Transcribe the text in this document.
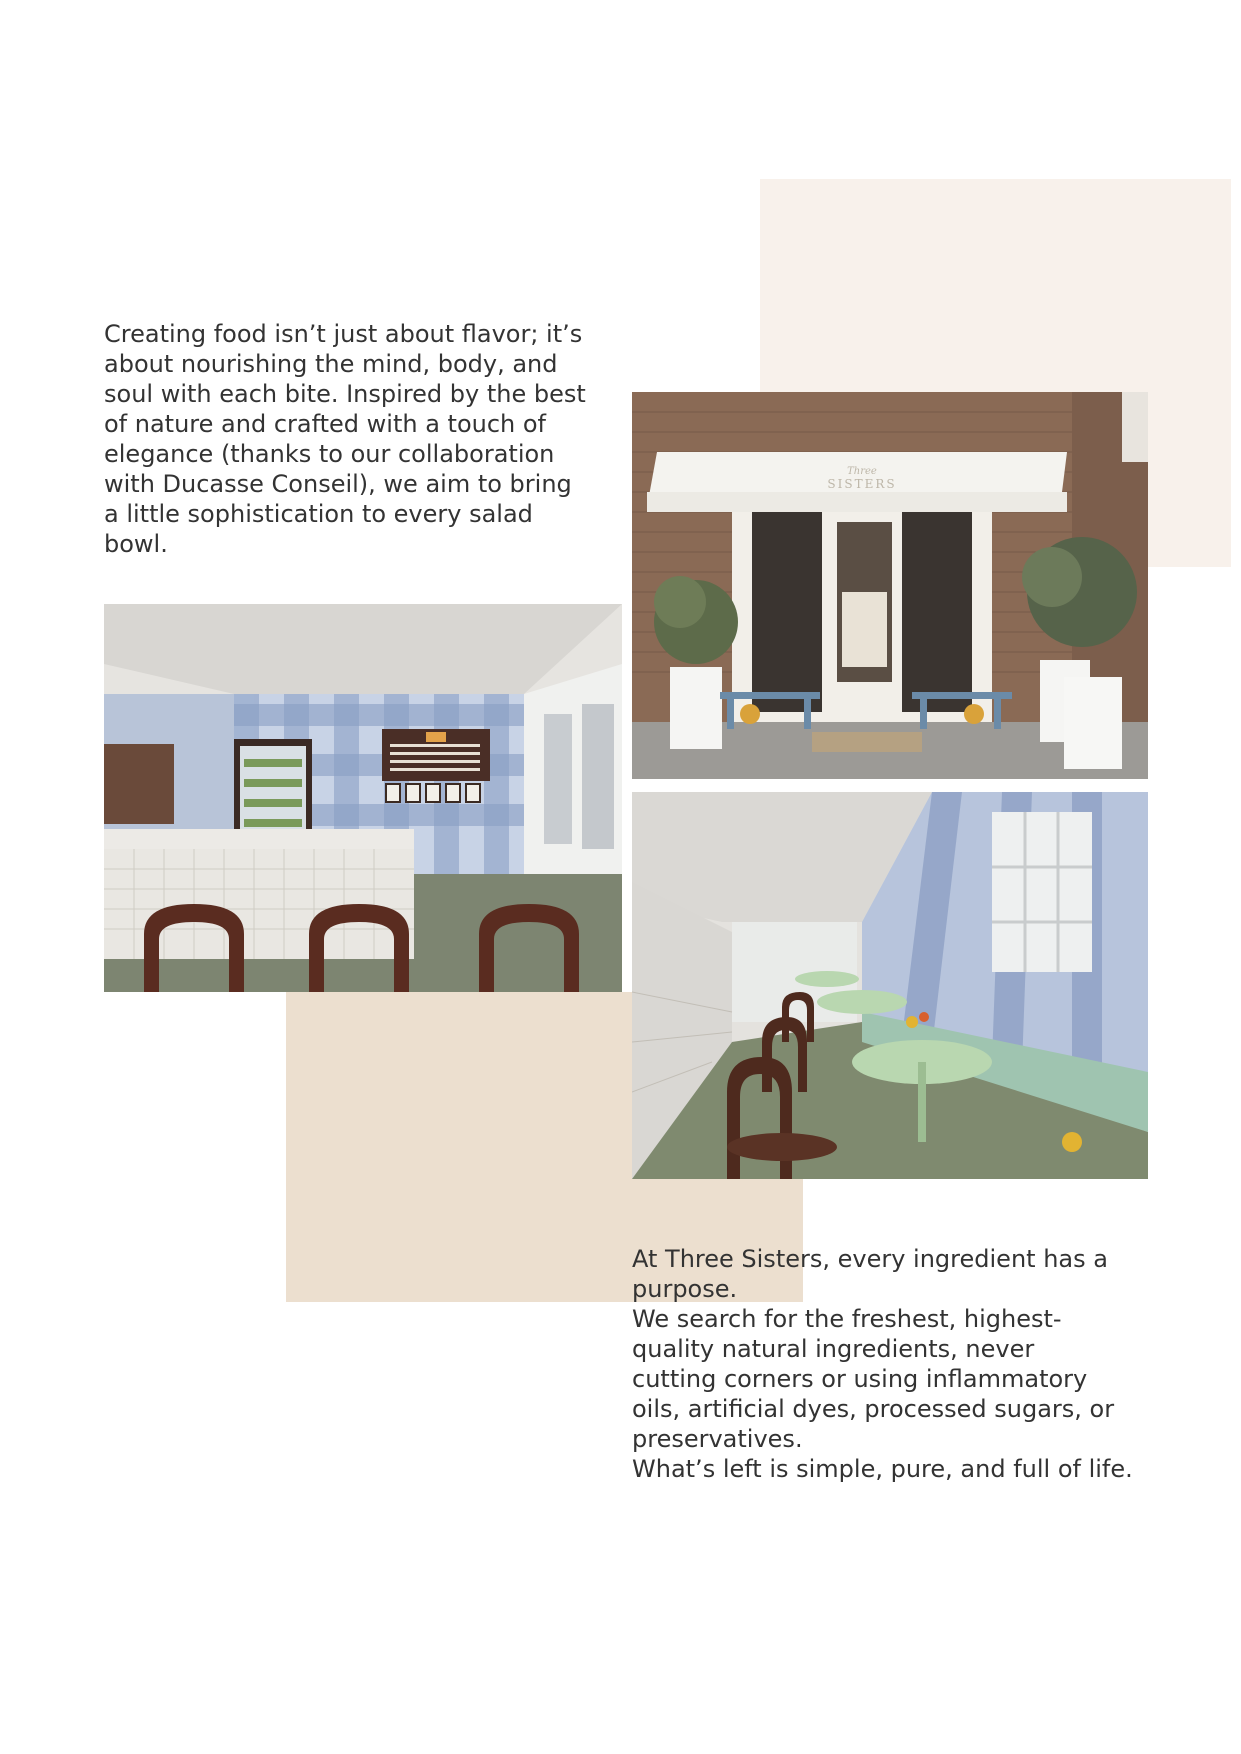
Creating food isn’t just about flavor; it’s
about nourishing the mind, body, and
soul with each bite. Inspired by the best
of nature and crafted with a touch of
elegance (thanks to our collaboration
with Ducasse Conseil), we aim to bring
a little sophistication to every salad
bowl.
Three
SISTERS
At Three Sisters, every ingredient has a
purpose.
We search for the freshest, highest-
quality natural ingredients, never
cutting corners or using inflammatory
oils, artificial dyes, processed sugars, or
preservatives.
What’s left is simple, pure, and full of life.
